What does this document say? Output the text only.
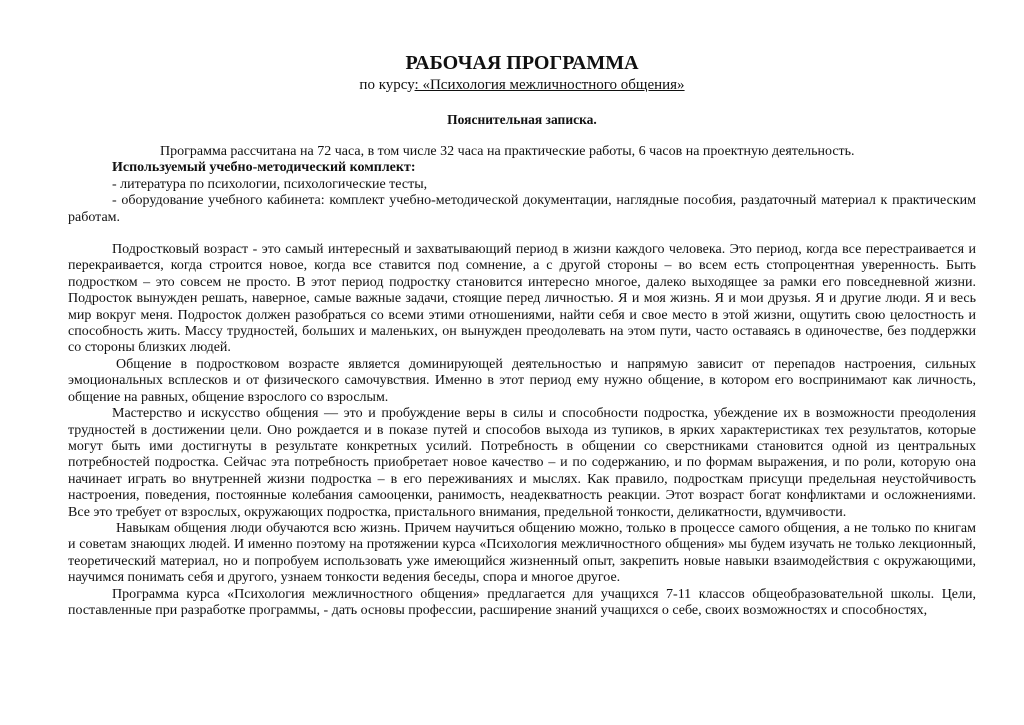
РАБОЧАЯ ПРОГРАММА

по курсу: «Психология межличностного общения»

Пояснительная записка.

Программа рассчитана на 72 часа, в том числе 32 часа на практические работы, 6 часов на проектную деятельность.

Используемый учебно-методический комплект:

- литература по психологии, психологические тесты,

- оборудование учебного кабинета: комплект учебно-методической документации, наглядные пособия, раздаточный материал к практическим работам.

Подростковый возраст - это самый интересный и захватывающий период в жизни каждого человека. Это период, когда все перестраивается и перекраивается, когда строится новое, когда все ставится под сомнение, а с другой стороны – во всем есть стопроцентная уверенность. Быть подростком – это совсем не просто. В этот период подростку становится интересно многое, далеко выходящее за рамки его повседневной жизни. Подросток вынужден решать, наверное, самые важные задачи, стоящие перед личностью. Я и моя жизнь. Я и мои друзья. Я и другие люди. Я и весь мир вокруг меня. Подросток должен разобраться со всеми этими отношениями, найти себя и свое место в этой жизни, ощутить свою целостность и способность жить. Массу трудностей, больших и маленьких, он вынужден преодолевать на этом пути, часто оставаясь в одиночестве, без поддержки со стороны близких людей.

Общение в подростковом возрасте является доминирующей деятельностью и напрямую зависит от перепадов настроения, сильных эмоциональных всплесков и от физического самочувствия. Именно в этот период ему нужно общение, в котором его воспринимают как личность, общение на равных, общение взрослого со взрослым.

Мастерство и искусство общения — это и пробуждение веры в силы и способности подростка, убеждение их в возможности преодоления трудностей в достижении цели. Оно рождается и в показе путей и способов выхода из тупиков, в ярких характеристиках тех результатов, которые могут быть ими достигнуты в результате конкретных усилий. Потребность в общении со сверстниками становится одной из центральных потребностей подростка. Сейчас эта потребность приобретает новое качество – и по содержанию, и по формам выражения, и по роли, которую она начинает играть во внутренней жизни подростка – в его переживаниях и мыслях. Как правило, подросткам присущи предельная неустойчивость настроения, поведения, постоянные колебания самооценки, ранимость, неадекватность реакции. Этот возраст богат конфликтами и осложнениями. Все это требует от взрослых, окружающих подростка, пристального внимания, предельной тонкости, деликатности, вдумчивости.

Навыкам общения люди обучаются всю жизнь. Причем научиться общению можно, только в процессе самого общения, а не только по книгам и советам знающих людей. И именно поэтому на протяжении курса «Психология межличностного общения» мы будем изучать не только лекционный, теоретический материал, но и попробуем использовать уже имеющийся жизненный опыт, закрепить новые навыки взаимодействия с окружающими, научимся понимать себя и другого, узнаем тонкости ведения беседы, спора и многое другое.

Программа курса «Психология межличностного общения» предлагается для учащихся 7-11 классов общеобразовательной школы. Цели, поставленные при разработке программы, - дать основы профессии, расширение знаний учащихся о себе, своих возможностях и способностях,
